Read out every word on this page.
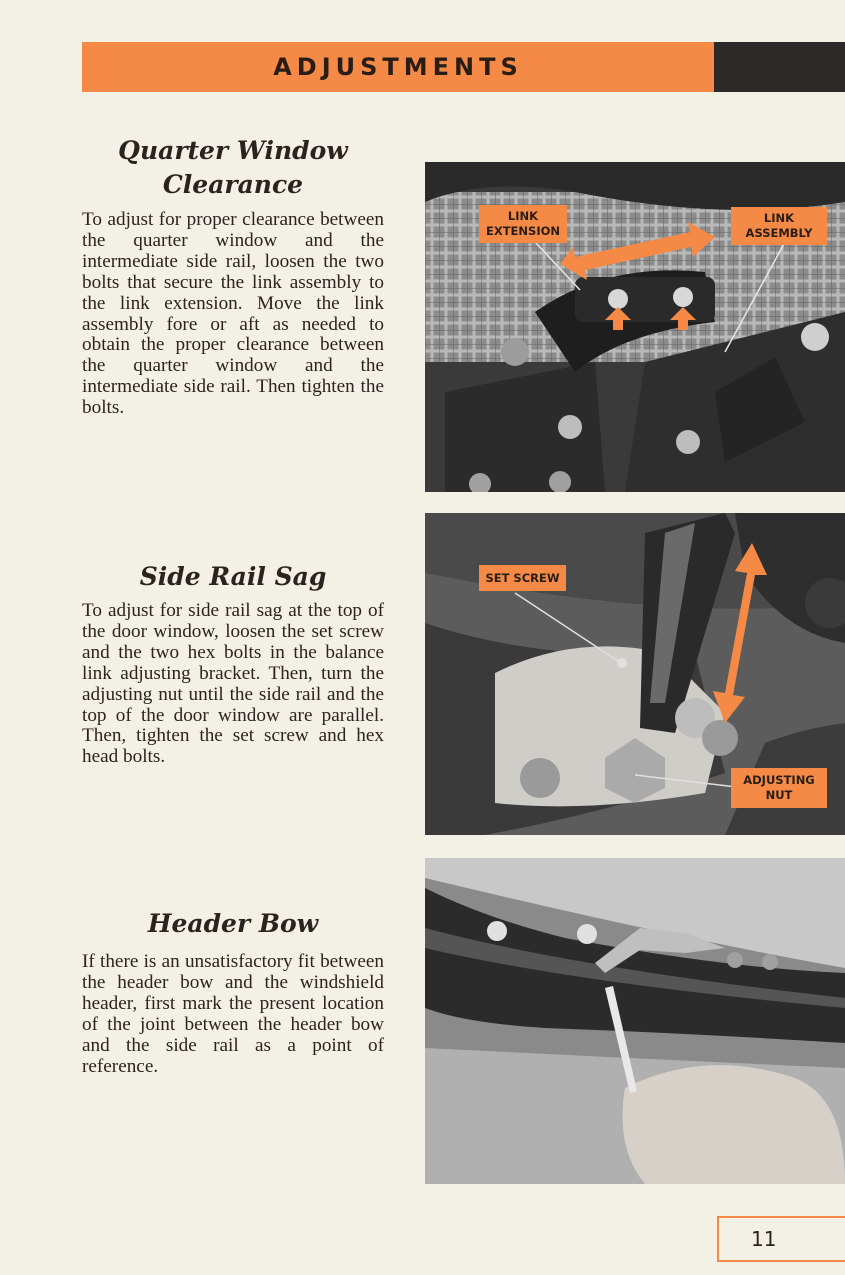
ADJUSTMENTS
Quarter Window
Clearance
To adjust for proper clearance between the quarter window and the intermediate side rail, loosen the two bolts that secure the link assembly to the link extension. Move the link assembly fore or aft as needed to obtain the proper clearance between the quarter window and the intermediate side rail. Then tighten the bolts.
Side Rail Sag
To adjust for side rail sag at the top of the door window, loosen the set screw and the two hex bolts in the balance link adjusting bracket. Then, turn the adjusting nut until the side rail and the top of the door window are parallel. Then, tighten the set screw and hex head bolts.
Header Bow
If there is an unsatisfactory fit between the header bow and the windshield header, first mark the present location of the joint between the header bow and the side rail as a point of reference.
LINK EXTENSION
LINK ASSEMBLY
SET SCREW
ADJUSTING NUT
11
